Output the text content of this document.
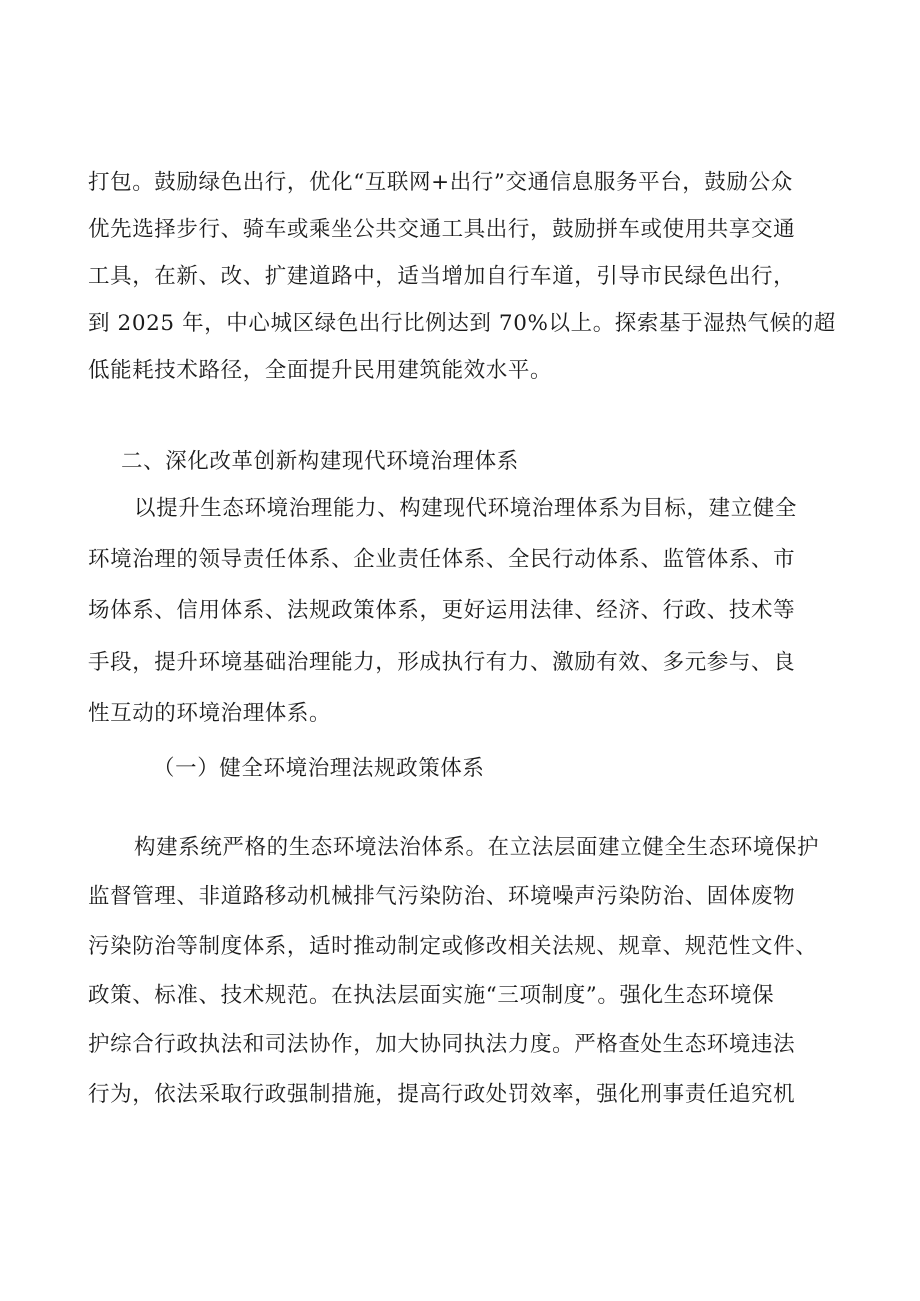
打包。鼓励绿色出行，优化“互联网+出行”交通信息服务平台，鼓励公众
优先选择步行、骑车或乘坐公共交通工具出行，鼓励拼车或使用共享交通
工具，在新、改、扩建道路中，适当增加自行车道，引导市民绿色出行，
到 2025 年，中心城区绿色出行比例达到 70%以上。探索基于湿热气候的超
低能耗技术路径，全面提升民用建筑能效水平。
二、深化改革创新构建现代环境治理体系
以提升生态环境治理能力、构建现代环境治理体系为目标，建立健全
环境治理的领导责任体系、企业责任体系、全民行动体系、监管体系、市
场体系、信用体系、法规政策体系，更好运用法律、经济、行政、技术等
手段，提升环境基础治理能力，形成执行有力、激励有效、多元参与、良
性互动的环境治理体系。
（一）健全环境治理法规政策体系
构建系统严格的生态环境法治体系。在立法层面建立健全生态环境保护
监督管理、非道路移动机械排气污染防治、环境噪声污染防治、固体废物
污染防治等制度体系，适时推动制定或修改相关法规、规章、规范性文件、
政策、标准、技术规范。在执法层面实施“三项制度”。强化生态环境保
护综合行政执法和司法协作，加大协同执法力度。严格查处生态环境违法
行为，依法采取行政强制措施，提高行政处罚效率，强化刑事责任追究机
